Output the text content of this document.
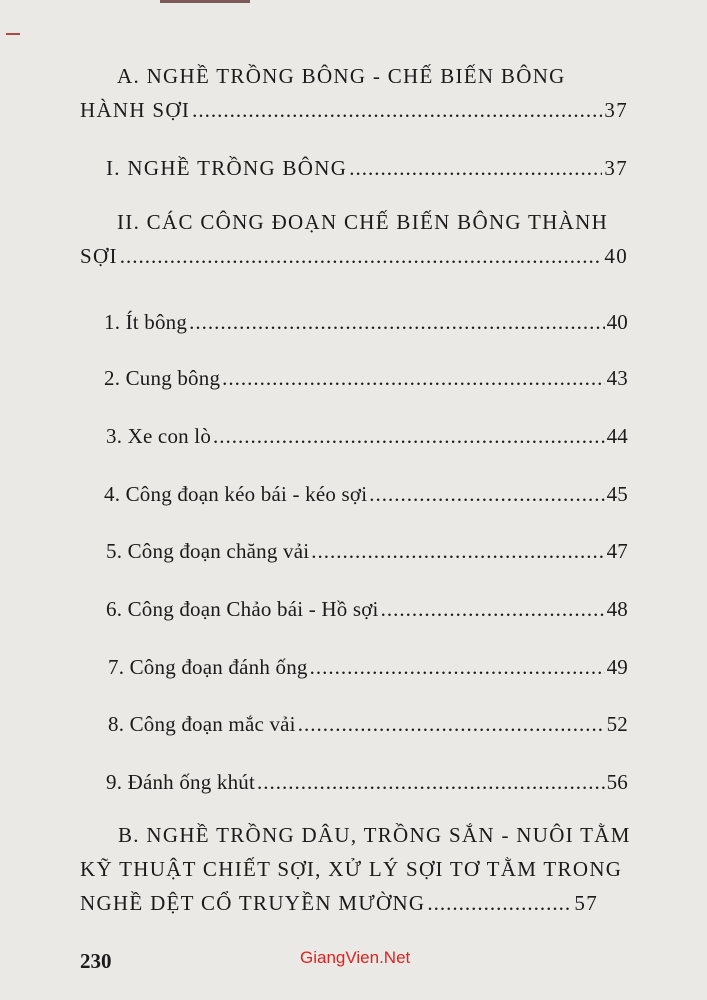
A. NGHỀ TRỒNG BÔNG - CHẾ BIẾN BÔNG
HÀNH SỢI .....	37
I. NGHỀ TRỒNG BÔNG .....	37
II. CÁC CÔNG ĐOẠN CHẾ BIẾN BÔNG THÀNH
SỢI .....	40
1. Ít bông .....	40
2. Cung bông .....	43
3. Xe con lò .....	44
4. Công đoạn kéo bái - kéo sợi .....	45
5. Công đoạn chăng vải .....	47
6. Công đoạn Chảo bái - Hồ sợi .....	48
7. Công đoạn đánh ống .....	49
8. Công đoạn mắc vải .....	52
9. Đánh ống khút .....	56
B. NGHỀ TRỒNG DÂU, TRỒNG SẮN - NUÔI TẰM
KỸ THUẬT CHIẾT SỢI, XỬ LÝ SỢI TƠ TẰM TRONG
NGHỀ DỆT CỔ TRUYỀN MƯỜNG .....	57
230	GiangVien.Net
